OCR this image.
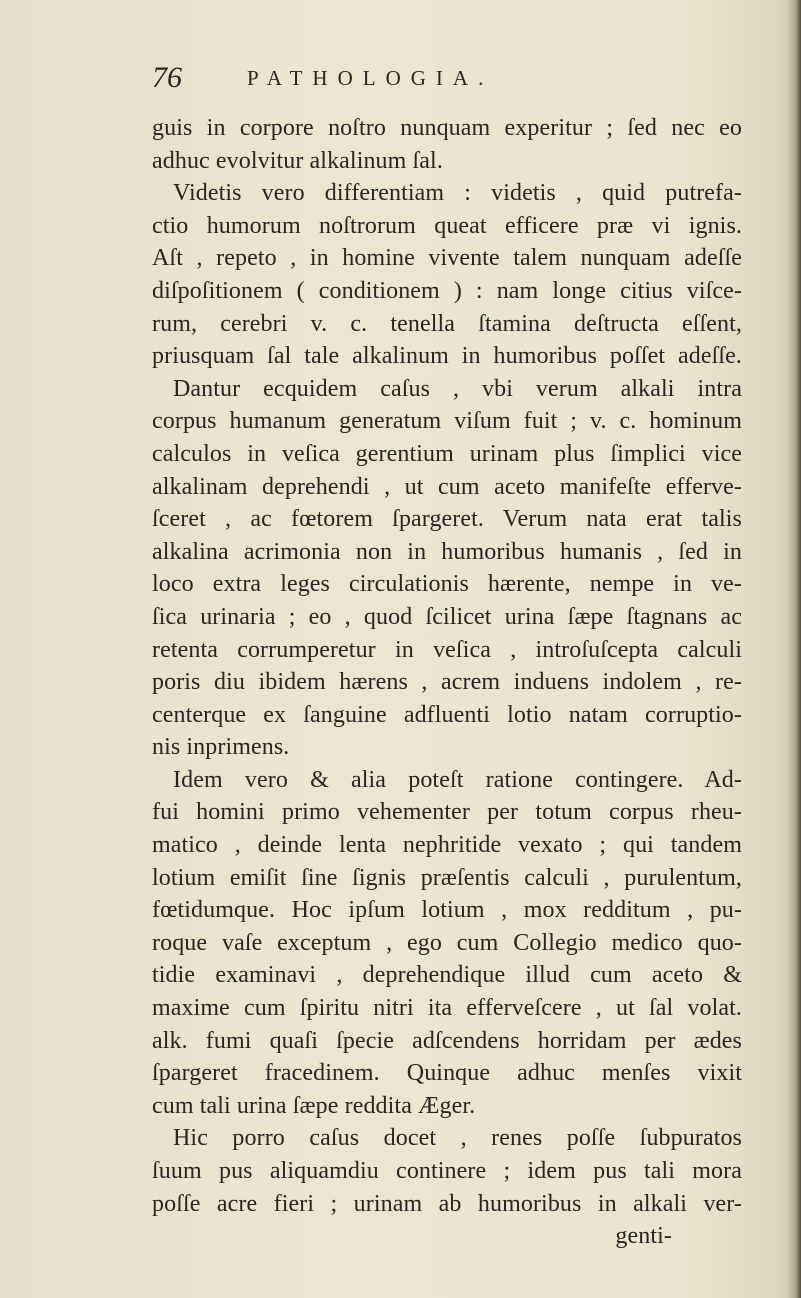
76	PATHOLOGIA.
guis in corpore noſtro nunquam experitur ; ſed nec eo
adhuc evolvitur alkalinum ſal.
Videtis vero differentiam : videtis , quid putrefa-
ctio humorum noſtrorum queat efficere præ vi ignis.
Aſt , repeto , in homine vivente talem nunquam adeſſe
diſpoſitionem ( conditionem ) : nam longe citius viſce-
rum, cerebri v. c. tenella ſtamina deſtructa eſſent,
priusquam ſal tale alkalinum in humoribus poſſet adeſſe.
Dantur ecquidem caſus , vbi verum alkali intra
corpus humanum generatum viſum fuit ; v. c. hominum
calculos in veſica gerentium urinam plus ſimplici vice
alkalinam deprehendi , ut cum aceto manifeſte efferve-
ſceret , ac fœtorem ſpargeret. Verum nata erat talis
alkalina acrimonia non in humoribus humanis , ſed in
loco extra leges circulationis hærente, nempe in ve-
ſica urinaria ; eo , quod ſcilicet urina ſæpe ſtagnans ac
retenta corrumperetur in veſica , introſuſcepta calculi
poris diu ibidem hærens , acrem induens indolem , re-
centerque ex ſanguine adfluenti lotio natam corruptio-
nis inprimens.
Idem vero & alia poteſt ratione contingere. Ad-
fui homini primo vehementer per totum corpus rheu-
matico , deinde lenta nephritide vexato ; qui tandem
lotium emiſit ſine ſignis præſentis calculi , purulentum,
fœtidumque. Hoc ipſum lotium , mox redditum , pu-
roque vaſe exceptum , ego cum Collegio medico quo-
tidie examinavi , deprehendique illud cum aceto &
maxime cum ſpiritu nitri ita effervеſcere , ut ſal volat.
alk. fumi quaſi ſpecie adſcendens horridam per ædes
ſpargeret fracedinem. Quinque adhuc menſes vixit
cum tali urina ſæpe reddita Æger.
Hic porro caſus docet , renes poſſe ſubpuratos
ſuum pus aliquamdiu continere ; idem pus tali mora
poſſe acre fieri ; urinam ab humoribus in alkali ver-
genti-
